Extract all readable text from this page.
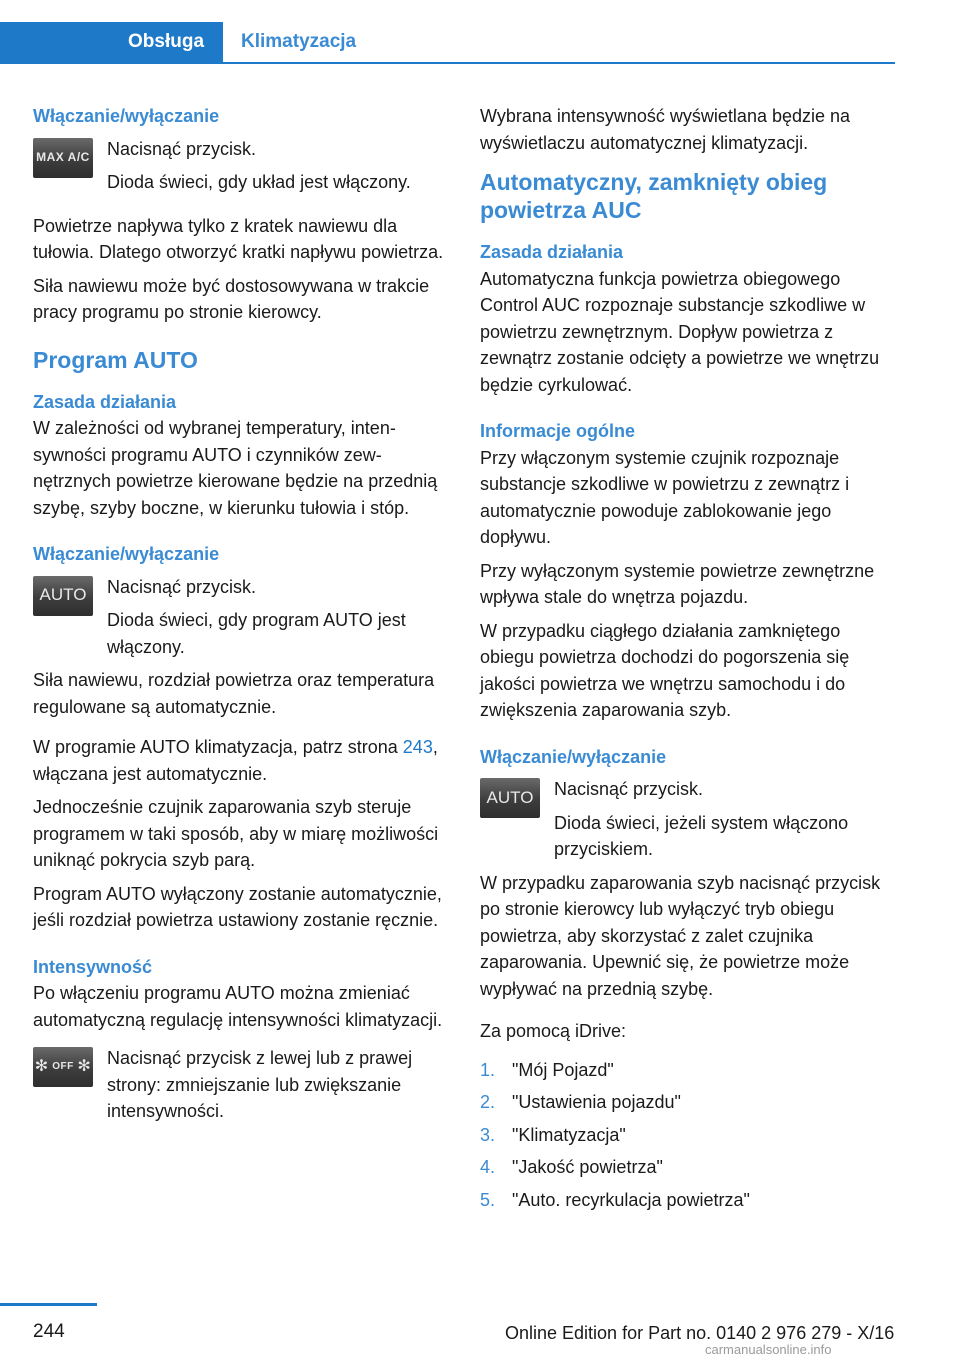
Obsługa Klimatyzacja
Włączanie/wyłączanie
MAX A/C Nacisnąć przycisk.

Dioda świeci, gdy układ jest włączony.

Powietrze napływa tylko z kratek nawiewu dla tułowia. Dlatego otworzyć kratki napływu powietrza.

Siła nawiewu może być dostosowywana w trakcie pracy programu po stronie kierowcy.

Program AUTO
Zasada działania

W zależności od wybranej temperatury, intensywności programu AUTO i czynników zewnętrznych powietrze kierowane będzie na przednią szybę, szyby boczne, w kierunku tułowia i stóp.

Włączanie/wyłączanie
AUTO	Nacisnąć przycisk.

Dioda świeci, gdy program AUTO jest włączony.

Siła nawiewu, rozdział powietrza oraz temperatura regulowane są automatycznie.

W programie AUTO klimatyzacja, patrz strona 243, włączana jest automatycznie.

Jednocześnie czujnik zaparowania szyb steruje programem w taki sposób, aby w miarę możliwości uniknąć pokrycia szyb parą.

Program AUTO wyłączony zostanie automatycznie, jeśli rozdział powietrza ustawiony zostanie ręcznie.

Intensywność

Po włączeniu programu AUTO można zmieniać automatyczną regulację intensywności klimatyzacji.

✻ OFF ✻ Nacisnąć przycisk z lewej lub z prawej strony: zmniejszanie lub zwiększanie intensywności.

Wybrana intensywność wyświetlana będzie na wyświetlaczu automatycznej klimatyzacji.

Automatyczny, zamknięty obieg powietrza AUC
Zasada działania

Automatyczna funkcja powietrza obiegowego Control AUC rozpoznaje substancje szkodliwe w powietrzu zewnętrznym. Dopływ powietrza z zewnątrz zostanie odcięty a powietrze we wnętrzu będzie cyrkulować.

Informacje ogólne

Przy włączonym systemie czujnik rozpoznaje substancje szkodliwe w powietrzu z zewnątrz i automatycznie powoduje zablokowanie jego dopływu.

Przy wyłączonym systemie powietrze zewnętrzne wpływa stale do wnętrza pojazdu.

W przypadku ciągłego działania zamkniętego obiegu powietrza dochodzi do pogorszenia się jakości powietrza we wnętrzu samochodu i do zwiększenia zaparowania szyb.

Włączanie/wyłączanie
AUTO	Nacisnąć przycisk.

Dioda świeci, jeżeli system włączono przyciskiem.

W przypadku zaparowania szyb nacisnąć przycisk po stronie kierowcy lub wyłączyć tryb obiegu powietrza, aby skorzystać z zalet czujnika zaparowania. Upewnić się, że powietrze może wypływać na przednią szybę.

Za pomocą iDrive:

1. "Mój Pojazd"
2. "Ustawienia pojazdu"
3. "Klimatyzacja"
4. "Jakość powietrza"
5. "Auto. recyrkulacja powietrza"
244	Online Edition for Part no. 0140 2 976 279 - X/16
carmanualsonline.info
